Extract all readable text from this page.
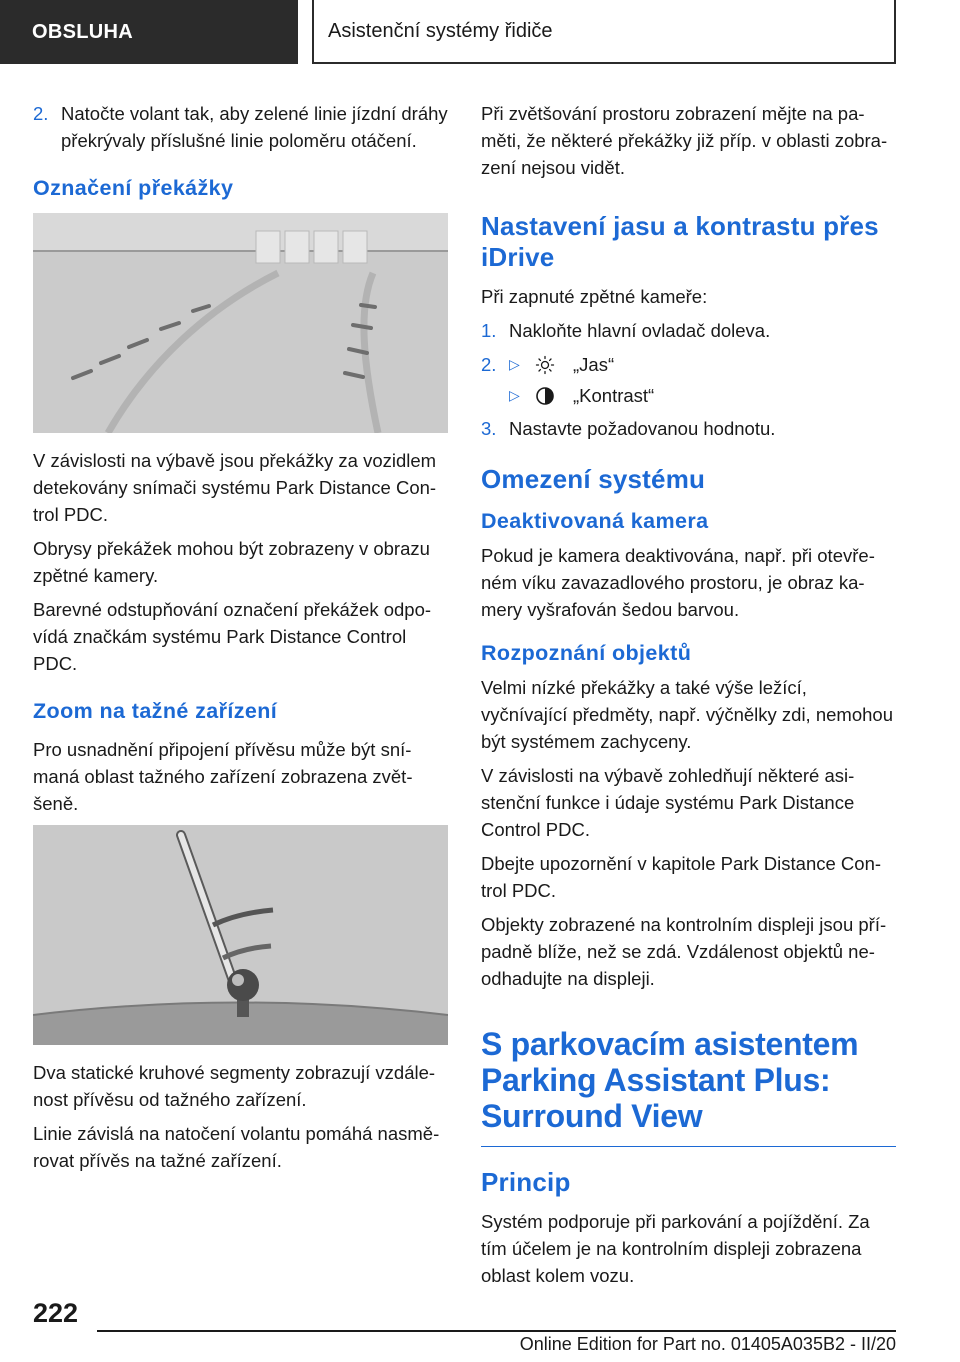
OBSLUHA	Asistenční systémy řidiče
2. Natočte volant tak, aby zelené linie jízdní dráhy překrývaly příslušné linie poloměru otáčení.
Označení překážky

V závislosti na výbavě jsou překážky za vozidlem detekovány snímači systému Park Distance Control PDC.

Obrysy překážek mohou být zobrazeny v obrazu zpětné kamery.

Barevné odstupňování označení překážek odpovídá značkám systému Park Distance Control PDC.

Zoom na tažné zařízení

Pro usnadnění připojení přívěsu může být snímaná oblast tažného zařízení zobrazena zvětšeně.

Dva statické kruhové segmenty zobrazují vzdálenost přívěsu od tažného zařízení.

Linie závislá na natočení volantu pomáhá nasměrovat přívěs na tažné zařízení.

Při zvětšování prostoru zobrazení mějte na paměti, že některé překážky již příp. v oblasti zobrazení nejsou vidět.

Nastavení jasu a kontrastu přes iDrive

Při zapnuté zpětné kameře:

1. Nakloňte hlavní ovladač doleva.
2. ▷	„Jas“
▷	„Kontrast“
3. Nastavte požadovanou hodnotu.
Omezení systému
Deaktivovaná kamera

Pokud je kamera deaktivována, např. při otevřeném víku zavazadlového prostoru, je obraz kamery vyšrafován šedou barvou.

Rozpoznání objektů

Velmi nízké překážky a také výše ležící, vyčnívající předměty, např. výčnělky zdi, nemohou být systémem zachyceny.

V závislosti na výbavě zohledňují některé asistenční funkce i údaje systému Park Distance Control PDC.

Dbejte upozornění v kapitole Park Distance Control PDC.

Objekty zobrazené na kontrolním displeji jsou případně blíže, než se zdá. Vzdálenost objektů neodhadujte na displeji.

S parkovacím asistentem Parking Assistant Plus: Surround View
Princip

Systém podporuje při parkování a pojíždění. Za tím účelem je na kontrolním displeji zobrazena oblast kolem vozu.

222
Online Edition for Part no. 01405A035B2 - II/20
